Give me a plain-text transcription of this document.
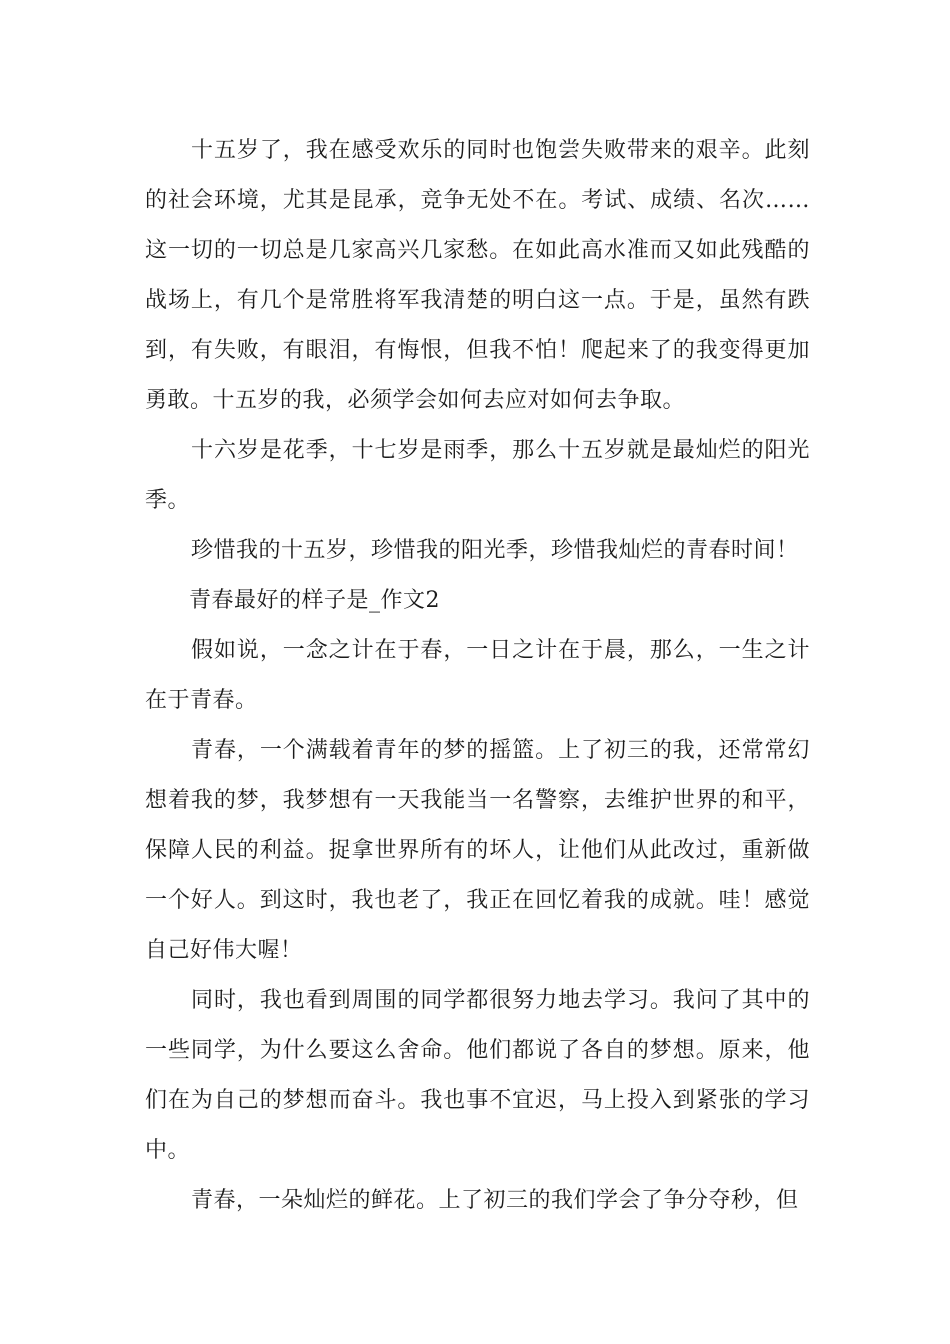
十五岁了，我在感受欢乐的同时也饱尝失败带来的艰辛。此刻的社会环境，尤其是昆承，竞争无处不在。考试、成绩、名次……这一切的一切总是几家高兴几家愁。在如此高水准而又如此残酷的战场上，有几个是常胜将军我清楚的明白这一点。于是，虽然有跌到，有失败，有眼泪，有悔恨，但我不怕！爬起来了的我变得更加勇敢。十五岁的我，必须学会如何去应对如何去争取。

十六岁是花季，十七岁是雨季，那么十五岁就是最灿烂的阳光季。

珍惜我的十五岁，珍惜我的阳光季，珍惜我灿烂的青春时间！

青春最好的样子是_作文2

假如说，一念之计在于春，一日之计在于晨，那么，一生之计在于青春。

青春，一个满载着青年的梦的摇篮。上了初三的我，还常常幻想着我的梦，我梦想有一天我能当一名警察，去维护世界的和平，保障人民的利益。捉拿世界所有的坏人，让他们从此改过，重新做一个好人。到这时，我也老了，我正在回忆着我的成就。哇！感觉自己好伟大喔！

同时，我也看到周围的同学都很努力地去学习。我问了其中的一些同学，为什么要这么舍命。他们都说了各自的梦想。原来，他们在为自己的梦想而奋斗。我也事不宜迟，马上投入到紧张的学习中。

青春，一朵灿烂的鲜花。上了初三的我们学会了争分夺秒，但
